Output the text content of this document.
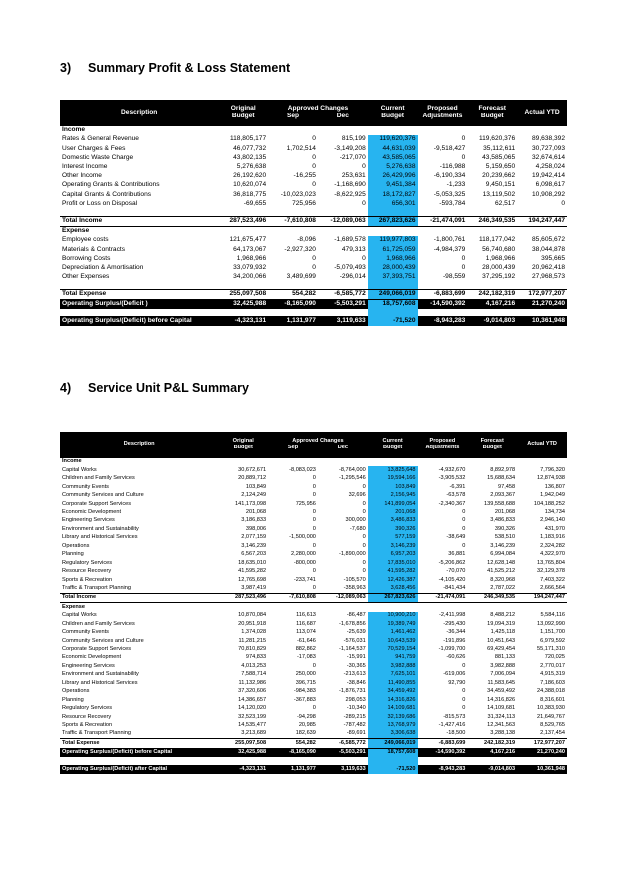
3) Summary Profit & Loss Statement
Description	Original	Approved Changes		Current	Proposed	Forecast	Actual YTD
	Budget	Sep	Dec	Budget	Adjustments	Budget	
Income							
Rates & General Revenue	118,805,177	0	815,199	119,620,376	0	119,620,376	89,638,392
User Charges & Fees	46,077,732	1,702,514	-3,149,208	44,631,039	-9,518,427	35,112,611	30,727,093
Domestic Waste Charge	43,802,135	0	-217,070	43,585,065	0	43,585,065	32,674,614
Interest Income	5,276,638	0	0	5,276,638	-116,988	5,159,650	4,258,024
Other Income	26,192,620	-16,255	253,631	26,429,996	-6,190,334	20,239,662	19,942,414
Operating Grants & Contributions	10,620,074	0	-1,168,690	9,451,384	-1,233	9,450,151	6,098,617
Capital Grants & Contributions	36,818,775	-10,023,023	-8,622,925	18,172,827	-5,053,325	13,119,502	10,908,292
Profit or Loss on Disposal	-69,655	725,956	0	656,301	-593,784	62,517	0

Total Income	287,523,496	-7,610,808	-12,089,063	267,823,626	-21,474,091	246,349,535	194,247,447
Expense							
Employee costs	121,675,477	-8,096	-1,689,578	119,977,803	-1,800,761	118,177,042	85,605,672
Materials & Contracts	64,173,067	-2,927,320	479,313	61,725,059	-4,984,379	56,740,680	38,044,878
Borrowing Costs	1,968,966	0	0	1,968,966	0	1,968,966	395,665
Depreciation & Amortisation	33,079,932	0	-5,079,493	28,000,439	0	28,000,439	20,962,418
Other Expenses	34,200,066	3,489,699	-296,014	37,393,751	-98,559	37,295,192	27,968,573

Total Expense	255,097,508	554,282	-6,585,772	249,066,019	-6,883,699	242,182,319	172,977,207
Operating Surplus/(Deficit )	32,425,988	-8,165,090	-5,503,291	18,757,608	-14,590,392	4,167,216	21,270,240

Operating Surplus/(Deficit) before Capital	-4,323,131	1,131,977	3,119,633	-71,520	-8,943,283	-9,014,803	10,361,948
4) Service Unit P&L Summary
Description	Original	Approved Changes		Current	Proposed	Forecast	Actual YTD
	Budget	Sep	Dec	Budget	Adjustments	Budget	
Income							
Capital Works	30,672,671	-8,083,023	-8,764,000	13,825,648	-4,932,670	8,892,978	7,796,320
Children and Family Services	20,889,712	0	-1,295,546	19,594,166	-3,905,532	15,688,634	12,874,938
Community Events	103,849	0	0	103,849	-6,391	97,458	136,807
Community Services and Culture	2,124,249	0	32,696	2,156,945	-63,578	2,093,367	1,942,049
Corporate Support Services	141,173,098	725,956	0	141,899,054	-2,340,367	139,558,688	104,188,252
Economic Development	201,068	0	0	201,068	0	201,068	134,734
Engineering Services	3,186,833	0	300,000	3,486,833	0	3,486,833	2,946,140
Environment and Sustainability	398,006	0	-7,680	390,326	0	390,326	431,970
Library and Historical Services	2,077,159	-1,500,000	0	577,159	-38,649	538,510	1,183,916
Operations	3,146,239	0	0	3,146,239	0	3,146,239	2,324,282
Planning	6,567,203	2,280,000	-1,890,000	6,957,203	36,881	6,994,084	4,322,970
Regulatory Services	18,635,010	-800,000	0	17,835,010	-5,206,862	12,628,148	13,765,804
Resource Recovery	41,595,282	0	0	41,595,282	-70,070	41,525,212	32,129,378
Sports & Recreation	12,765,698	-233,741	-105,570	12,426,387	-4,105,420	8,320,968	7,403,322
Traffic & Transport Planning	3,987,419	0	-358,963	3,628,456	-841,434	2,787,022	2,666,564
Total Income	287,523,496	-7,610,808	-12,089,063	267,823,626	-21,474,091	246,349,535	194,247,447
Expense							
Capital Works	10,870,084	116,613	-86,487	10,900,210	-2,411,998	8,488,212	5,584,116
Children and Family Services	20,951,918	116,687	-1,678,856	19,389,749	-295,430	19,094,319	13,092,990
Community Events	1,374,028	113,074	-25,639	1,461,462	-36,344	1,425,118	1,151,700
Community Services and Culture	11,281,215	-61,646	-576,031	10,643,539	-191,896	10,451,643	6,979,592
Corporate Support Services	70,810,829	882,862	-1,164,537	70,529,154	-1,099,700	69,429,454	55,171,310
Economic Development	974,833	-17,083	-15,991	941,759	-60,626	881,133	720,025
Engineering Services	4,013,253	0	-30,365	3,982,888	0	3,982,888	2,770,017
Environment and Sustainability	7,588,714	250,000	-213,613	7,625,101	-619,006	7,006,094	4,915,319
Library and Historical Services	11,132,986	396,715	-38,846	11,490,855	92,790	11,583,645	7,186,603
Operations	37,320,606	-984,383	-1,876,731	34,459,492	0	34,459,492	24,388,018
Planning	14,386,657	-367,883	298,053	14,316,826	0	14,316,826	8,316,601
Regulatory Services	14,120,020	0	-10,340	14,109,681	0	14,109,681	10,383,930
Resource Recovery	32,523,199	-94,298	-289,215	32,139,686	-815,573	31,324,113	21,649,767
Sports & Recreation	14,535,477	20,985	-787,482	13,768,979	-1,427,416	12,341,563	8,529,765
Traffic & Transport Planning	3,213,689	182,639	-89,691	3,306,638	-18,500	3,288,138	2,137,454
Total Expense	255,097,508	554,282	-6,585,772	249,066,019	-6,883,699	242,182,319	172,977,207
Operating Surplus/(Deficit) before Capital	32,425,988	-8,165,090	-5,503,291	18,757,608	-14,590,392	4,167,216	21,270,240

Operating Surplus/(Deficit) after Capital	-4,323,131	1,131,977	3,119,633	-71,520	-8,943,283	-9,014,803	10,361,948
